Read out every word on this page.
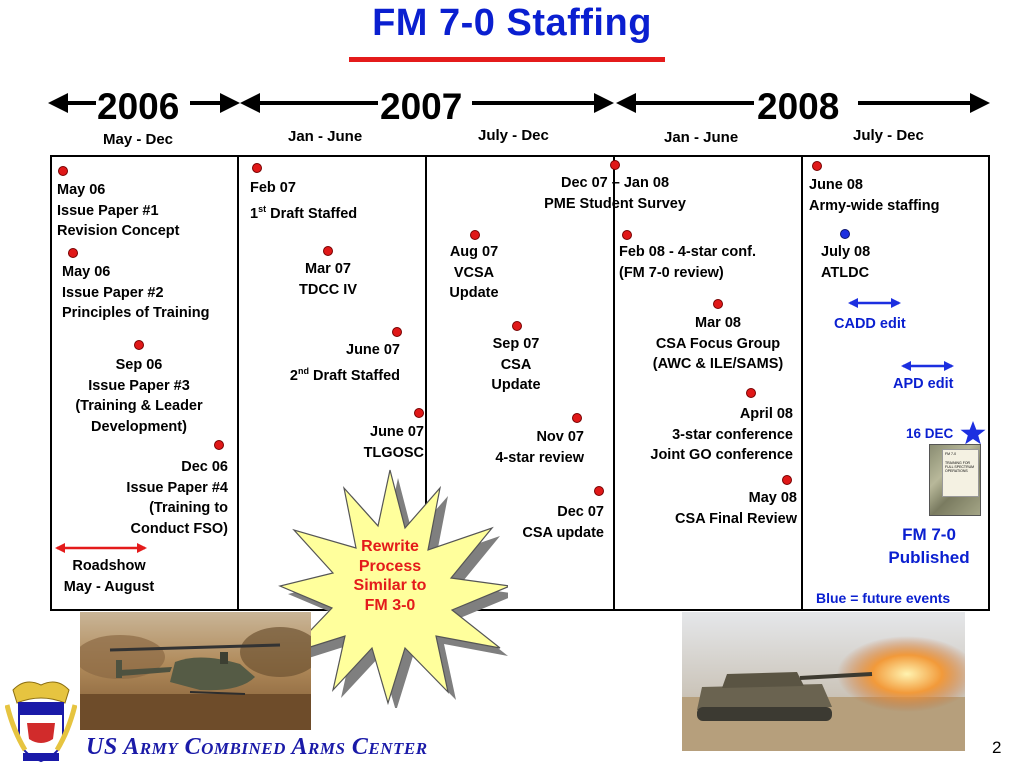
FM 7-0 Staffing
2006	2007	2008
May - Dec	Jan - June	July - Dec	Jan - June	July - Dec
May 06
Issue Paper #1
Revision Concept
May 06
Issue Paper #2
Principles of Training
Sep 06
Issue Paper #3
(Training & Leader
Development)
Dec 06
Issue Paper #4
(Training to
Conduct FSO)
Roadshow
May - August
Feb 07
1st Draft Staffed
Mar 07
TDCC IV
June 07
2nd Draft Staffed
June 07
TLGOSC
Aug 07
VCSA
Update
Sep 07
CSA
Update
Nov 07
4-star review
Dec 07
CSA update
Dec 07 – Jan 08
PME Student Survey
Feb 08 - 4-star conf.
(FM 7-0 review)
Mar 08
CSA Focus Group
(AWC & ILE/SAMS)
April 08
3-star conference
Joint GO conference
May 08
CSA Final Review
June 08
Army-wide staffing
July 08
ATLDC
CADD edit
APD edit
16 DEC
FM 7-0
TRAINING FOR FULL SPECTRUM OPERATIONS
FM 7-0
Published
Blue = future events
Rewrite
Process
Similar to
FM 3-0
US Army Combined Arms Center	2
